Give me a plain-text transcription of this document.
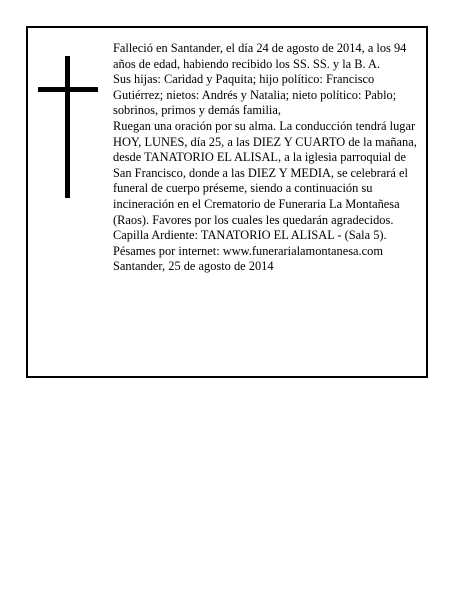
Falleció en Santander, el día 24 de agosto de 2014, a los 94 años de edad, habiendo recibido los SS. SS. y la B. A.

Sus hijas: Caridad y Paquita; hijo político: Francisco Gutiérrez; nietos: Andrés y Natalia; nieto político: Pablo; sobrinos, primos y demás familia,

Ruegan una oración por su alma. La conducción tendrá lugar HOY, LUNES, día 25, a las DIEZ Y CUARTO de la mañana, desde TANATORIO EL ALISAL, a la iglesia parroquial de San Francisco, donde a las DIEZ Y MEDIA, se celebrará el funeral de cuerpo préseme, siendo a continuación su incineración en el Crematorio de Funeraria La Montañesa (Raos). Favores por los cuales les quedarán agradecidos. Capilla Ardiente: TANATORIO EL ALISAL - (Sala 5).

Pésames por internet: www.funerarialamontanesa.com

Santander, 25 de agosto de 2014
